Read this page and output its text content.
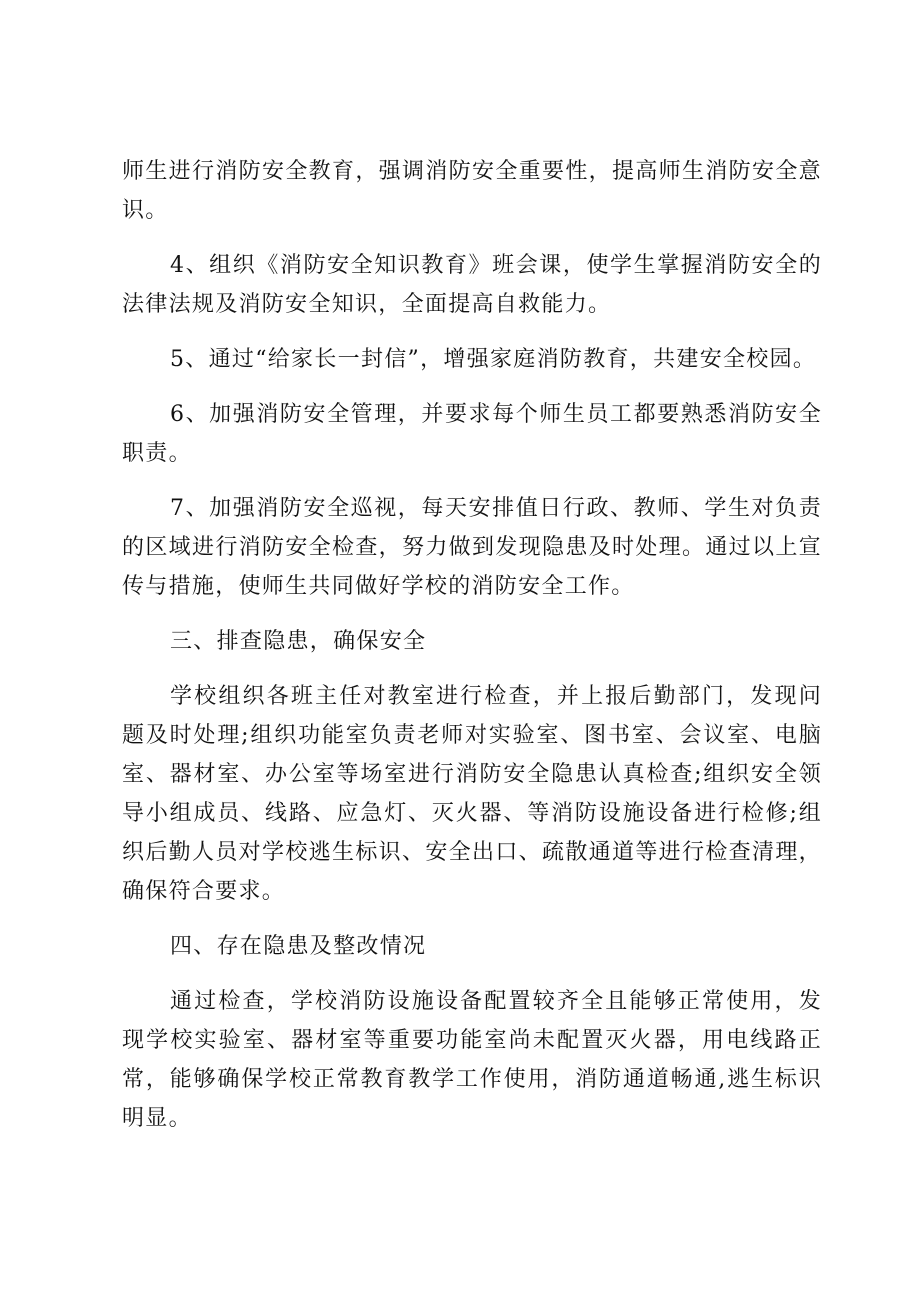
师生进行消防安全教育，强调消防安全重要性，提高师生消防安全意识。

4、组织《消防安全知识教育》班会课，使学生掌握消防安全的法律法规及消防安全知识，全面提高自救能力。

5、通过“给家长一封信”，增强家庭消防教育，共建安全校园。

6、加强消防安全管理，并要求每个师生员工都要熟悉消防安全职责。

7、加强消防安全巡视，每天安排值日行政、教师、学生对负责的区域进行消防安全检查，努力做到发现隐患及时处理。通过以上宣传与措施，使师生共同做好学校的消防安全工作。

三、排查隐患，确保安全

学校组织各班主任对教室进行检查，并上报后勤部门，发现问题及时处理;组织功能室负责老师对实验室、图书室、会议室、电脑室、器材室、办公室等场室进行消防安全隐患认真检查;组织安全领导小组成员、线路、应急灯、灭火器、等消防设施设备进行检修;组织后勤人员对学校逃生标识、安全出口、疏散通道等进行检查清理，确保符合要求。

四、存在隐患及整改情况

通过检查，学校消防设施设备配置较齐全且能够正常使用，发现学校实验室、器材室等重要功能室尚未配置灭火器，用电线路正常，能够确保学校正常教育教学工作使用，消防通道畅通,逃生标识明显。
